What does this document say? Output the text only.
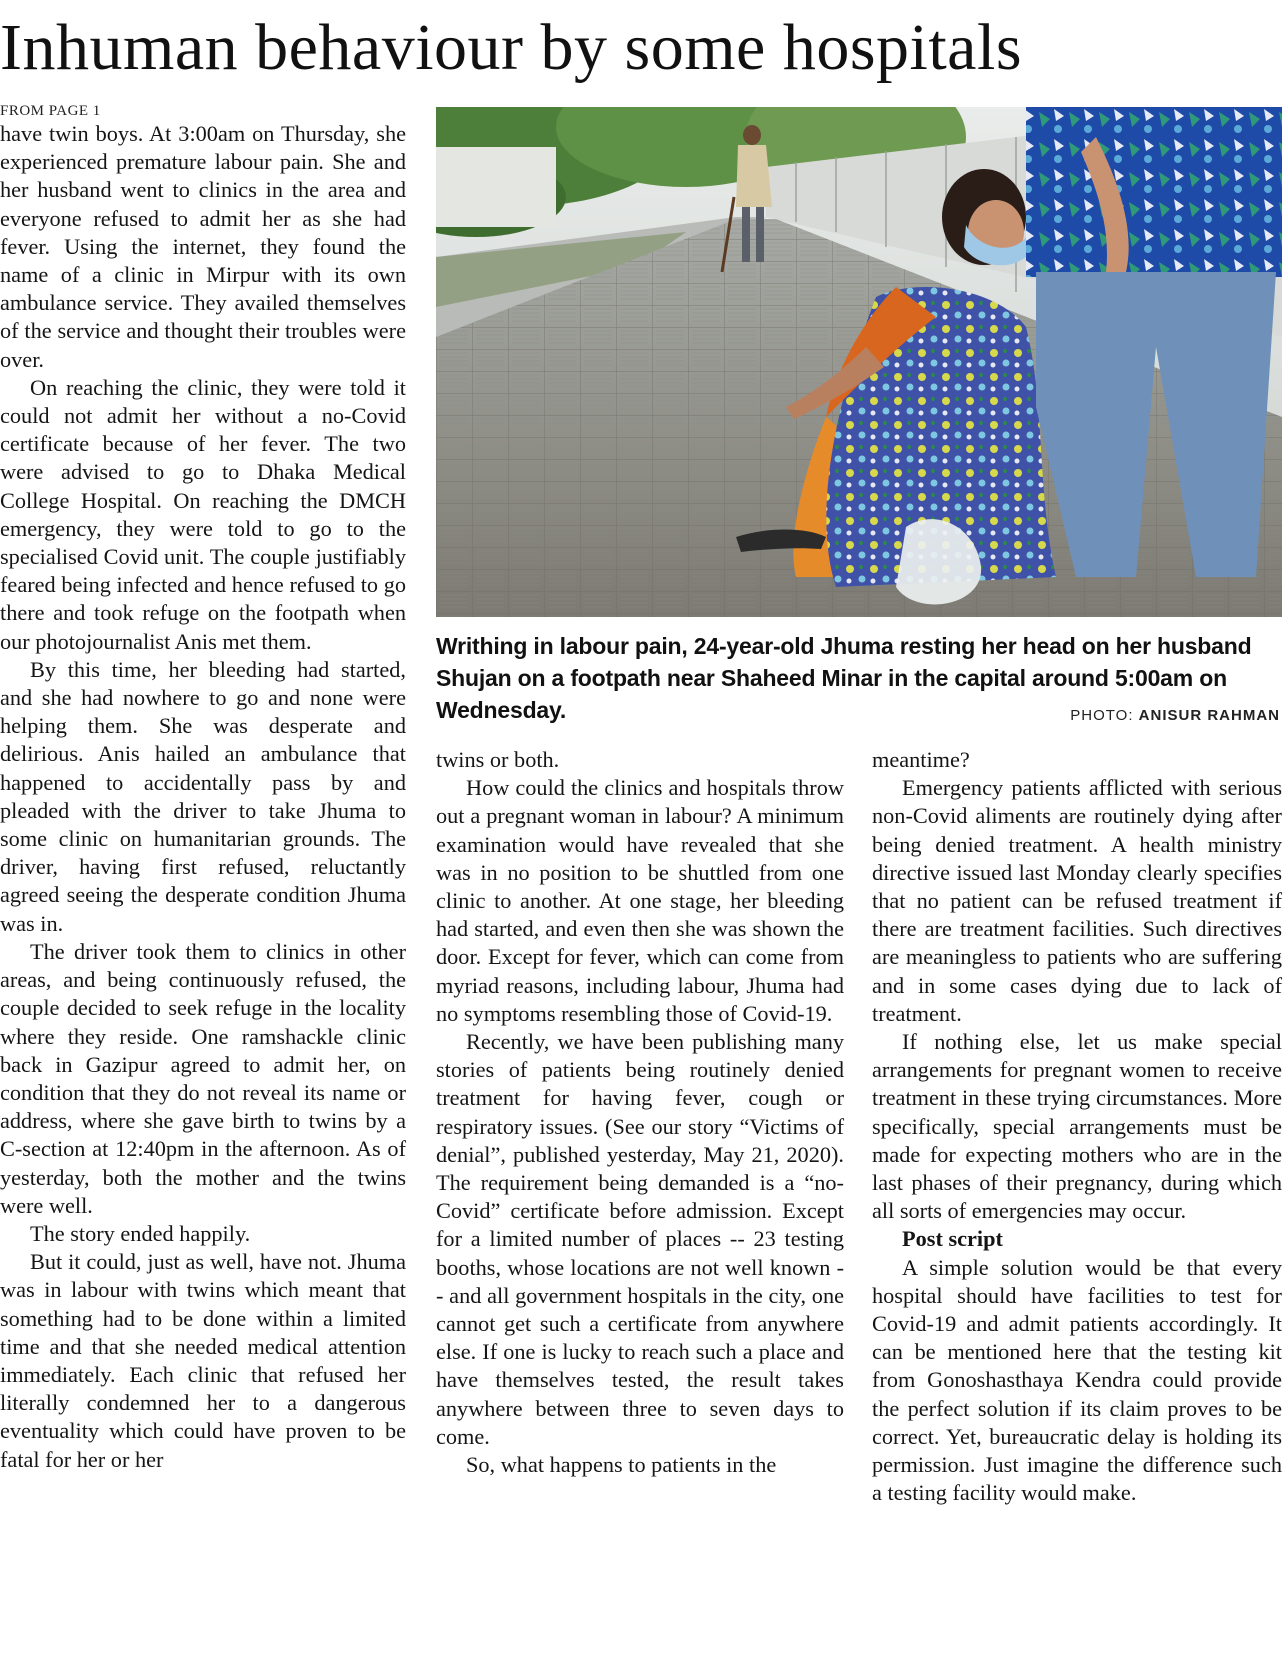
Inhuman behaviour by some hospitals
FROM PAGE 1

have twin boys. At 3:00am on Thursday, she experienced premature labour pain. She and her husband went to clinics in the area and everyone refused to admit her as she had fever. Using the internet, they found the name of a clinic in Mirpur with its own ambulance service. They availed themselves of the service and thought their troubles were over.

On reaching the clinic, they were told it could not admit her without a no-Covid certificate because of her fever. The two were advised to go to Dhaka Medical College Hospital. On reaching the DMCH emergency, they were told to go to the specialised Covid unit. The couple justifiably feared being infected and hence refused to go there and took refuge on the footpath when our photojournalist Anis met them.

By this time, her bleeding had started, and she had nowhere to go and none were helping them. She was desperate and delirious. Anis hailed an ambulance that happened to accidentally pass by and pleaded with the driver to take Jhuma to some clinic on humanitarian grounds. The driver, having first refused, reluctantly agreed seeing the desperate condition Jhuma was in.

The driver took them to clinics in other areas, and being continuously refused, the couple decided to seek refuge in the locality where they reside. One ramshackle clinic back in Gazipur agreed to admit her, on condition that they do not reveal its name or address, where she gave birth to twins by a C-section at 12:40pm in the afternoon. As of yesterday, both the mother and the twins were well.

The story ended happily.

But it could, just as well, have not. Jhuma was in labour with twins which meant that something had to be done within a limited time and that she needed medical attention immediately. Each clinic that refused her literally condemned her to a dangerous eventuality which could have proven to be fatal for her or her

Writhing in labour pain, 24-year-old Jhuma resting her head on her husband Shujan on a footpath near Shaheed Minar in the capital around 5:00am on Wednesday.	PHOTO: ANISUR RAHMAN

twins or both.

How could the clinics and hospitals throw out a pregnant woman in labour? A minimum examination would have revealed that she was in no position to be shuttled from one clinic to another. At one stage, her bleeding had started, and even then she was shown the door. Except for fever, which can come from myriad reasons, including labour, Jhuma had no symptoms resembling those of Covid-19.

Recently, we have been publishing many stories of patients being routinely denied treatment for having fever, cough or respiratory issues. (See our story “Victims of denial”, published yesterday, May 21, 2020). The requirement being demanded is a “no-Covid” certificate before admission. Except for a limited number of places -- 23 testing booths, whose locations are not well known -- and all government hospitals in the city, one cannot get such a certificate from anywhere else. If one is lucky to reach such a place and have themselves tested, the result takes anywhere between three to seven days to come.

So, what happens to patients in the

meantime?

Emergency patients afflicted with serious non-Covid aliments are routinely dying after being denied treatment. A health ministry directive issued last Monday clearly specifies that no patient can be refused treatment if there are treatment facilities. Such directives are meaningless to patients who are suffering and in some cases dying due to lack of treatment.

If nothing else, let us make special arrangements for pregnant women to receive treatment in these trying circumstances. More specifically, special arrangements must be made for expecting mothers who are in the last phases of their pregnancy, during which all sorts of emergencies may occur.

Post script

A simple solution would be that every hospital should have facilities to test for Covid-19 and admit patients accordingly. It can be mentioned here that the testing kit from Gonoshasthaya Kendra could provide the perfect solution if its claim proves to be correct. Yet, bureaucratic delay is holding its permission. Just imagine the difference such a testing facility would make.
